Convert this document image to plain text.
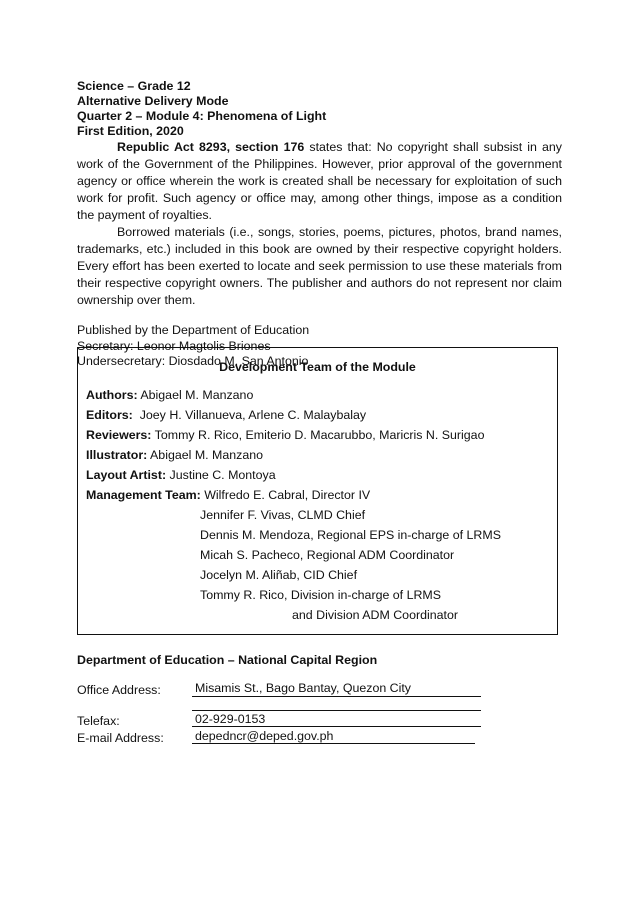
Science – Grade 12
Alternative Delivery Mode
Quarter 2 – Module 4: Phenomena of Light
First Edition, 2020

Republic Act 8293, section 176 states that: No copyright shall subsist in any work of the Government of the Philippines. However, prior approval of the government agency or office wherein the work is created shall be necessary for exploitation of such work for profit. Such agency or office may, among other things, impose as a condition the payment of royalties.

Borrowed materials (i.e., songs, stories, poems, pictures, photos, brand names, trademarks, etc.) included in this book are owned by their respective copyright holders. Every effort has been exerted to locate and seek permission to use these materials from their respective copyright owners. The publisher and authors do not represent nor claim ownership over them.

Published by the Department of Education
Secretary: Leonor Magtolis Briones
Undersecretary: Diosdado M. San Antonio
Development Team of the Module
Authors: Abigael M. Manzano
Editors:  Joey H. Villanueva, Arlene C. Malaybalay
Reviewers: Tommy R. Rico, Emiterio D. Macarubbo, Maricris N. Surigao
Illustrator: Abigael M. Manzano
Layout Artist: Justine C. Montoya
Management Team: Wilfredo E. Cabral, Director IV
Jennifer F. Vivas, CLMD Chief
Dennis M. Mendoza, Regional EPS in-charge of LRMS
Micah S. Pacheco, Regional ADM Coordinator
Jocelyn M. Aliñab, CID Chief
Tommy R. Rico, Division in-charge of LRMS
and Division ADM Coordinator
Department of Education – National Capital Region
Office Address:	Misamis St., Bago Bantay, Quezon City
Telefax:	02-929-0153
E-mail Address:	depedncr@deped.gov.ph
